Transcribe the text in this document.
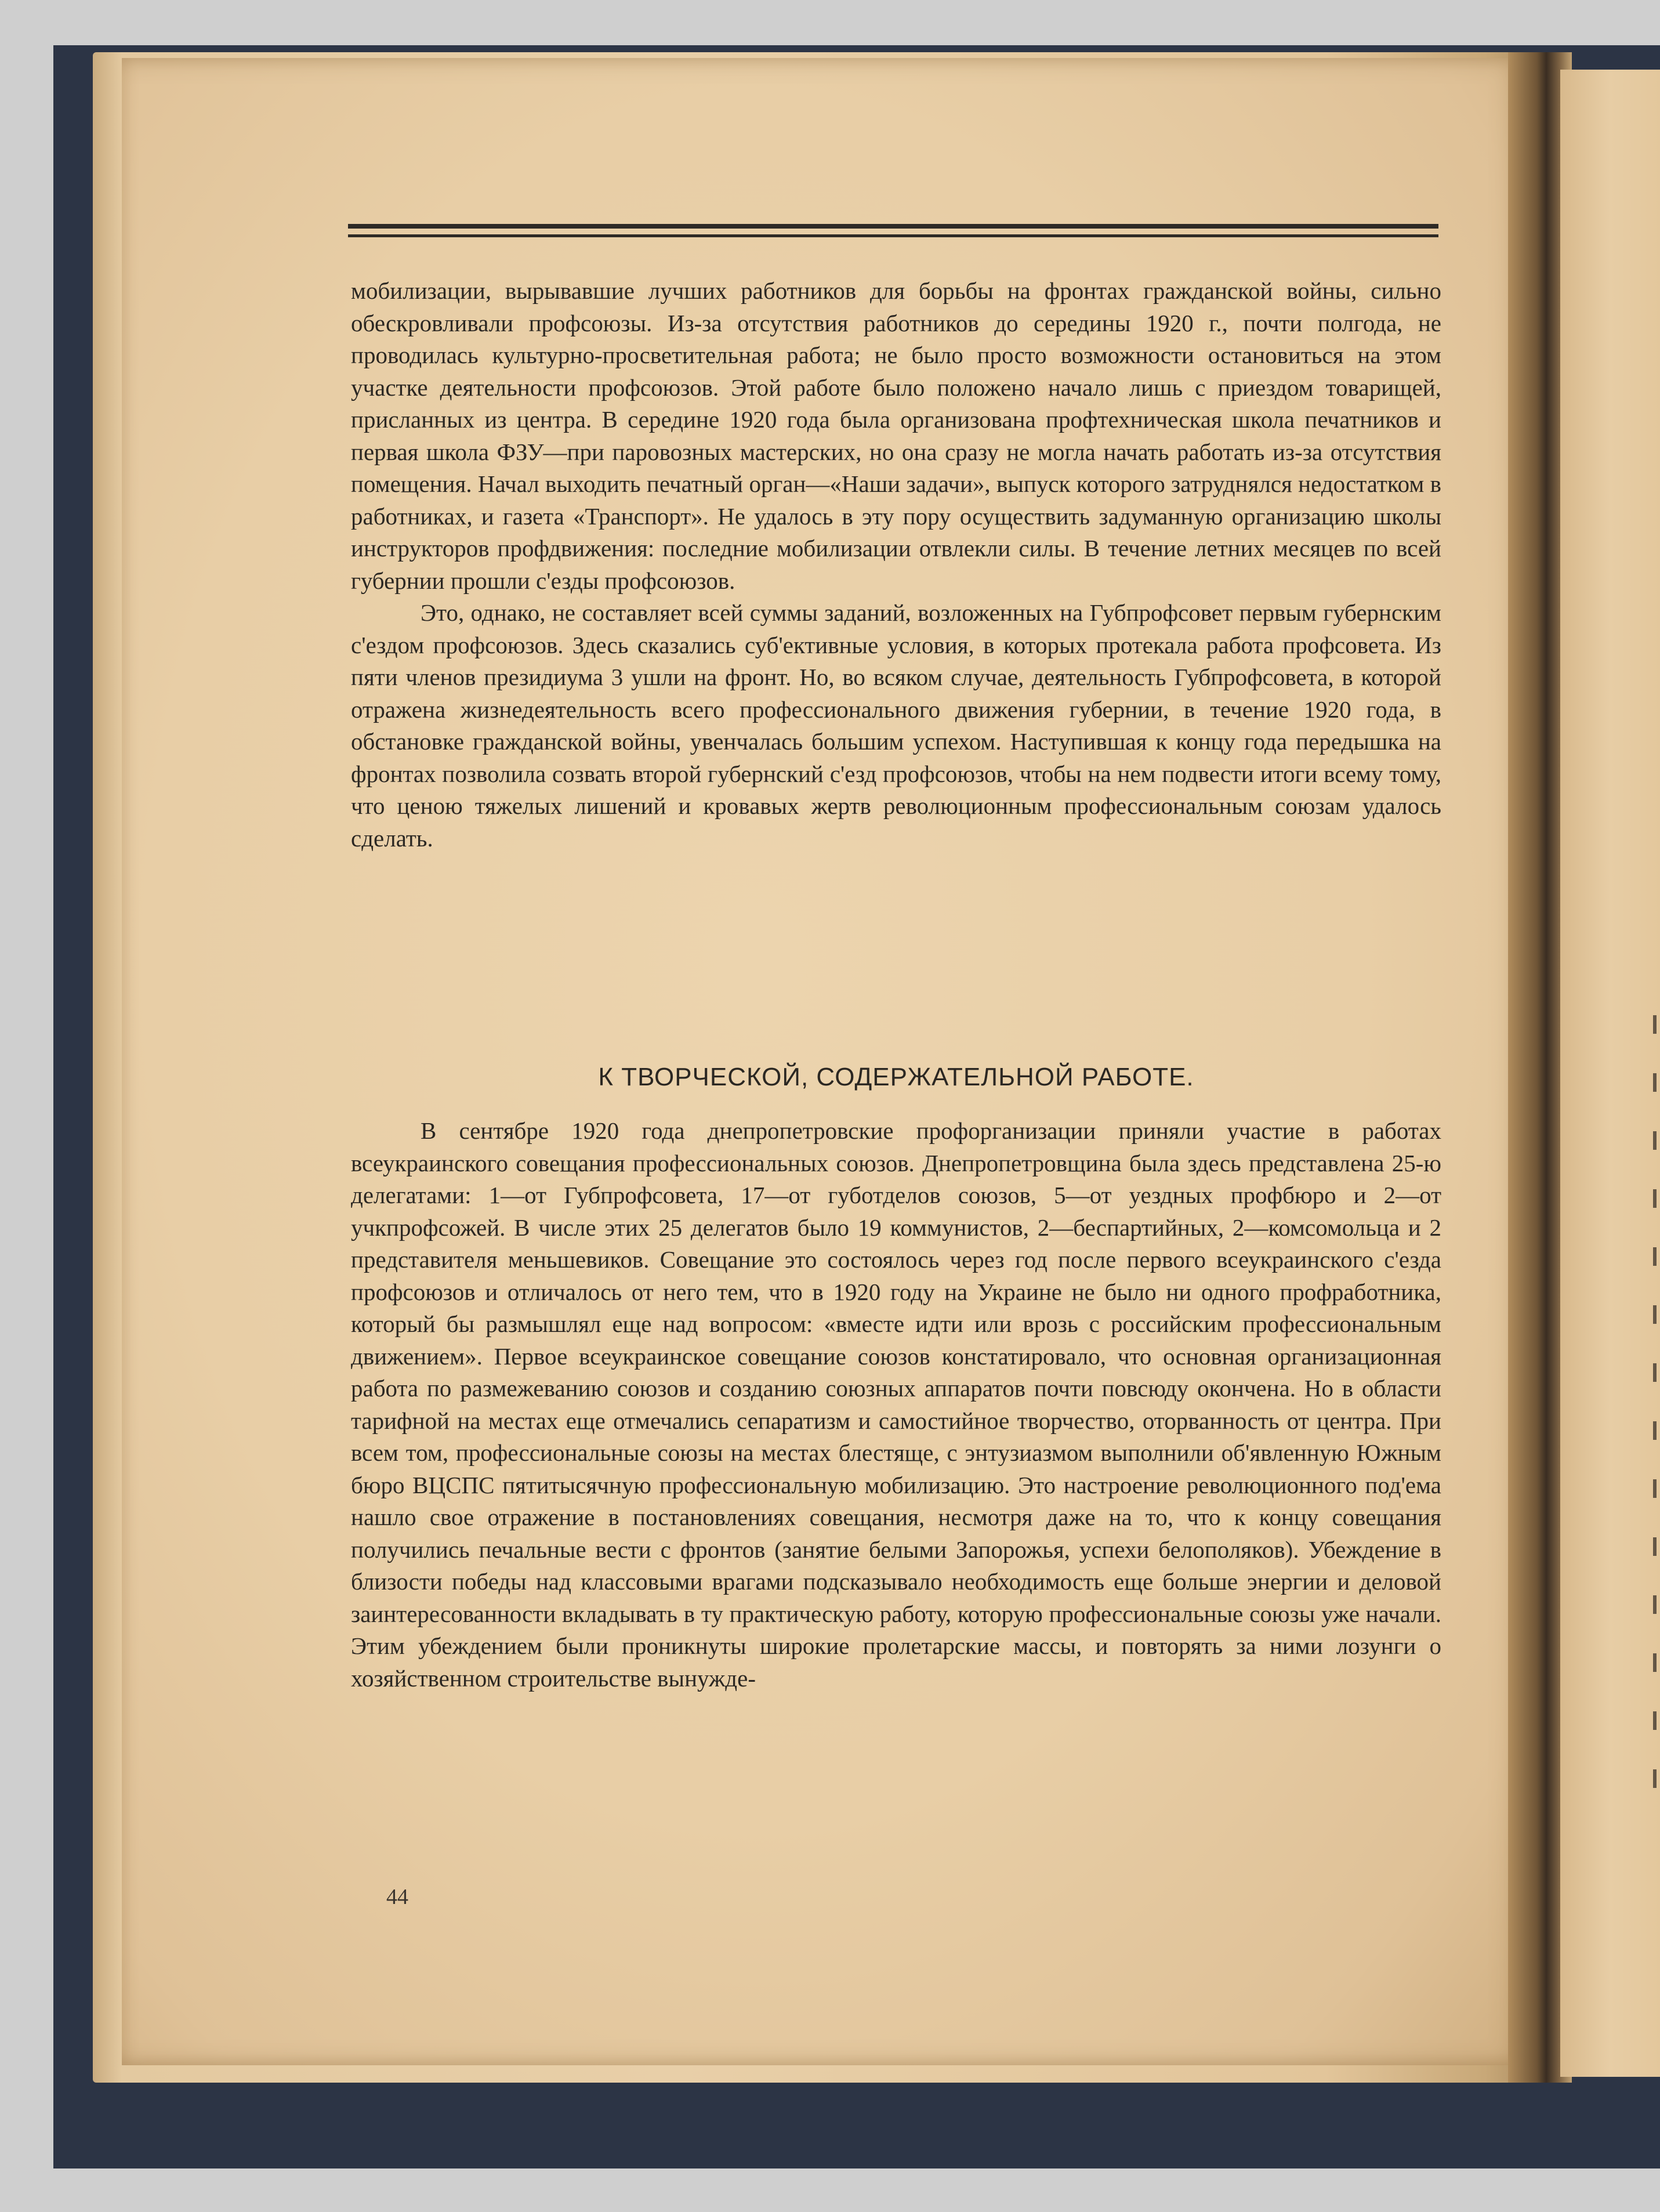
мобилизации, вырывавшие лучших работников для борьбы на фронтах гражданской войны, сильно обескровливали профсоюзы. Из-за отсутствия работников до середины 1920 г., почти полгода, не проводилась культурно-просветительная работа; не было просто возможности остановиться на этом участке деятельности профсоюзов. Этой работе было положено начало лишь с приездом товарищей, присланных из центра. В середине 1920 года была организована профтехническая школа печатников и первая школа ФЗУ—при паровозных мастерских, но она сразу не могла начать работать из-за отсутствия помещения. Начал выходить печатный орган—«Наши задачи», выпуск которого затруднялся недостатком в работниках, и газета «Транспорт». Не удалось в эту пору осуществить задуманную организацию школы инструкторов профдвижения: последние мобилизации отвлекли силы. В течение летних месяцев по всей губернии прошли с'езды профсоюзов.

Это, однако, не составляет всей суммы заданий, возложенных на Губпрофсовет первым губернским с'ездом профсоюзов. Здесь сказались суб'ективные условия, в которых протекала работа профсовета. Из пяти членов президиума 3 ушли на фронт. Но, во всяком случае, деятельность Губпрофсовета, в которой отражена жизнедеятельность всего профессионального движения губернии, в течение 1920 года, в обстановке гражданской войны, увенчалась большим успехом. Наступившая к концу года передышка на фронтах позволила созвать второй губернский с'езд профсоюзов, чтобы на нем подвести итоги всему тому, что ценою тяжелых лишений и кровавых жертв революционным профессиональным союзам удалось сделать.

К ТВОРЧЕСКОЙ, СОДЕРЖАТЕЛЬНОЙ РАБОТЕ.

В сентябре 1920 года днепропетровские профорганизации приняли участие в работах всеукраинского совещания профессиональных союзов. Днепропетровщина была здесь представлена 25-ю делегатами: 1—от Губпрофсовета, 17—от губотделов союзов, 5—от уездных профбюро и 2—от учкпрофсожей. В числе этих 25 делегатов было 19 коммунистов, 2—беспартийных, 2—комсомольца и 2 представителя меньшевиков. Совещание это состоялось через год после первого всеукраинского с'езда профсоюзов и отличалось от него тем, что в 1920 году на Украине не было ни одного профработника, который бы размышлял еще над вопросом: «вместе идти или врозь с российским профессиональным движением». Первое всеукраинское совещание союзов констатировало, что основная организационная работа по размежеванию союзов и созданию союзных аппаратов почти повсюду окончена. Но в области тарифной на местах еще отмечались сепаратизм и самостийное творчество, оторванность от центра. При всем том, профессиональные союзы на местах блестяще, с энтузиазмом выполнили об'явленную Южным бюро ВЦСПС пятитысячную профессиональную мобилизацию. Это настроение революционного под'ема нашло свое отражение в постановлениях совещания, несмотря даже на то, что к концу совещания получились печальные вести с фронтов (занятие белыми Запорожья, успехи белополяков). Убеждение в близости победы над классовыми врагами подсказывало необходимость еще больше энергии и деловой заинтересованности вкладывать в ту практическую работу, которую профессиональные союзы уже начали. Этим убеждением были проникнуты широкие пролетарские массы, и повторять за ними лозунги о хозяйственном строительстве вынужде-

44
